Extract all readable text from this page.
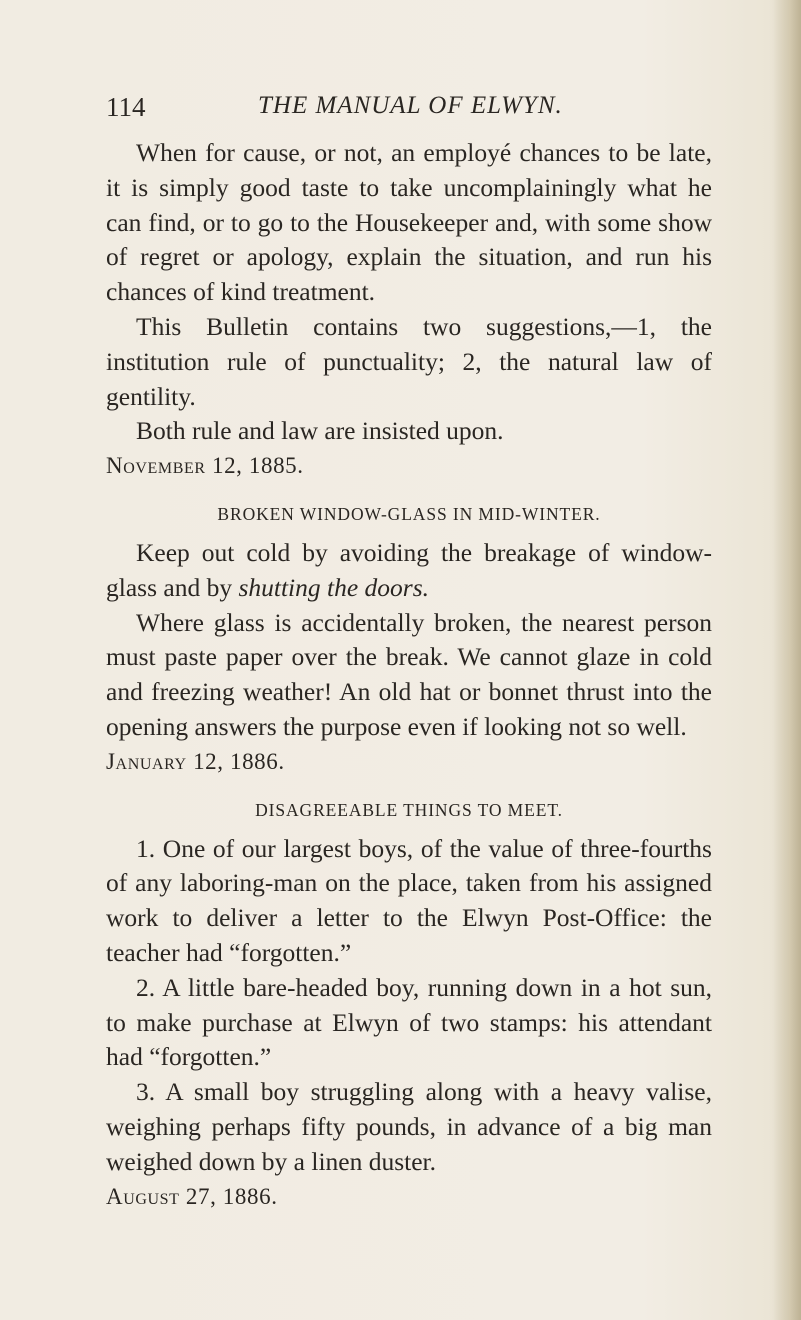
114	THE MANUAL OF ELWYN.

When for cause, or not, an employé chances to be late, it is simply good taste to take uncomplainingly what he can find, or to go to the Housekeeper and, with some show of regret or apology, explain the situation, and run his chances of kind treatment.

This Bulletin contains two suggestions,—1, the institution rule of punctuality; 2, the natural law of gentility.

Both rule and law are insisted upon.

November 12, 1885.

BROKEN WINDOW-GLASS IN MID-WINTER.

Keep out cold by avoiding the breakage of window-glass and by shutting the doors.

Where glass is accidentally broken, the nearest person must paste paper over the break. We cannot glaze in cold and freezing weather! An old hat or bonnet thrust into the opening answers the purpose even if looking not so well.

January 12, 1886.

DISAGREEABLE THINGS TO MEET.

1. One of our largest boys, of the value of three-fourths of any laboring-man on the place, taken from his assigned work to deliver a letter to the Elwyn Post-Office: the teacher had “forgotten.”

2. A little bare-headed boy, running down in a hot sun, to make purchase at Elwyn of two stamps: his attendant had “forgotten.”

3. A small boy struggling along with a heavy valise, weighing perhaps fifty pounds, in advance of a big man weighed down by a linen duster.

August 27, 1886.
